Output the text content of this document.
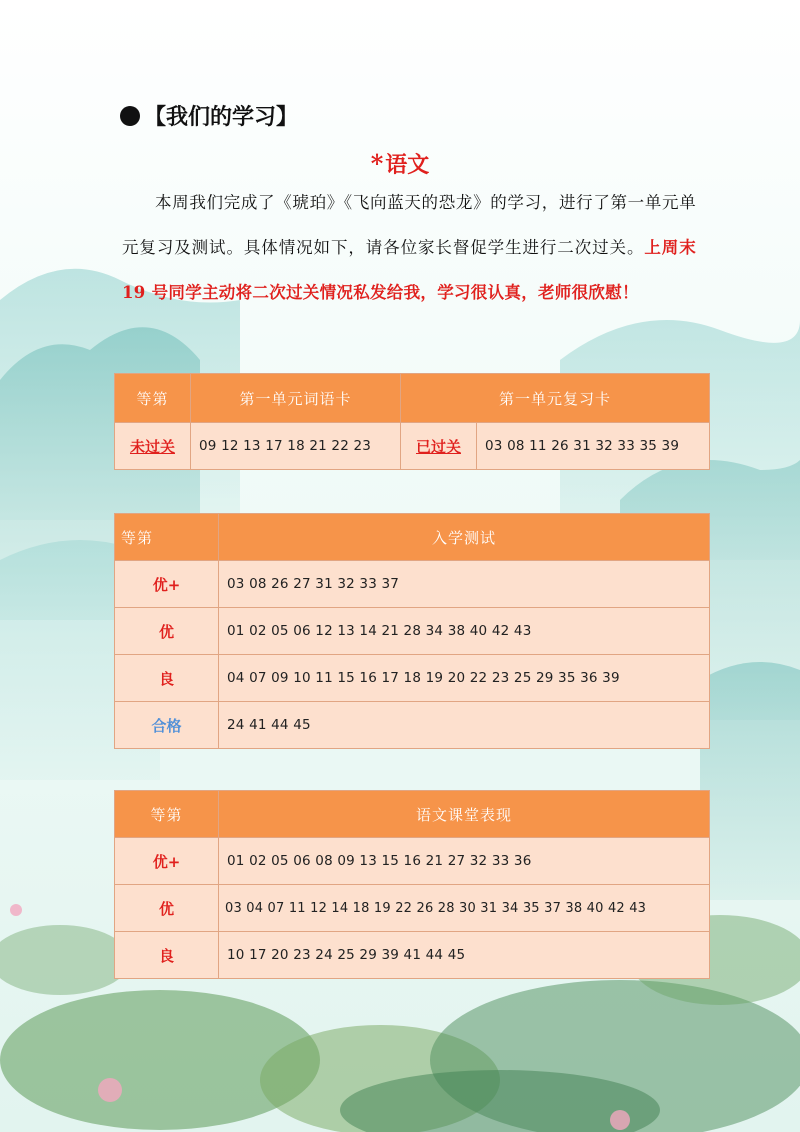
【我们的学习】
*语文
本周我们完成了《琥珀》《飞向蓝天的恐龙》的学习，进行了第一单元单元复习及测试。具体情况如下，请各位家长督促学生进行二次过关。上周末 19 号同学主动将二次过关情况私发给我，学习很认真，老师很欣慰！
等第	第一单元词语卡	第一单元复习卡	
未过关	09 12 13 17 18 21 22 23	已过关	03 08 11 26 31 32 33 35 39
等第	入学测试
优+	03 08 26 27 31 32 33 37
优	01 02 05 06 12 13 14 21 28 34 38 40 42 43
良	04 07 09 10 11 15 16 17 18 19 20 22 23 25 29 35 36 39
合格	24 41 44 45
等第	语文课堂表现
优+	01 02 05 06 08 09 13 15 16 21 27 32 33 36
优	03 04 07 11 12 14 18 19 22 26 28 30 31 34 35 37 38 40 42 43
良	10 17 20 23 24 25 29 39 41 44 45
